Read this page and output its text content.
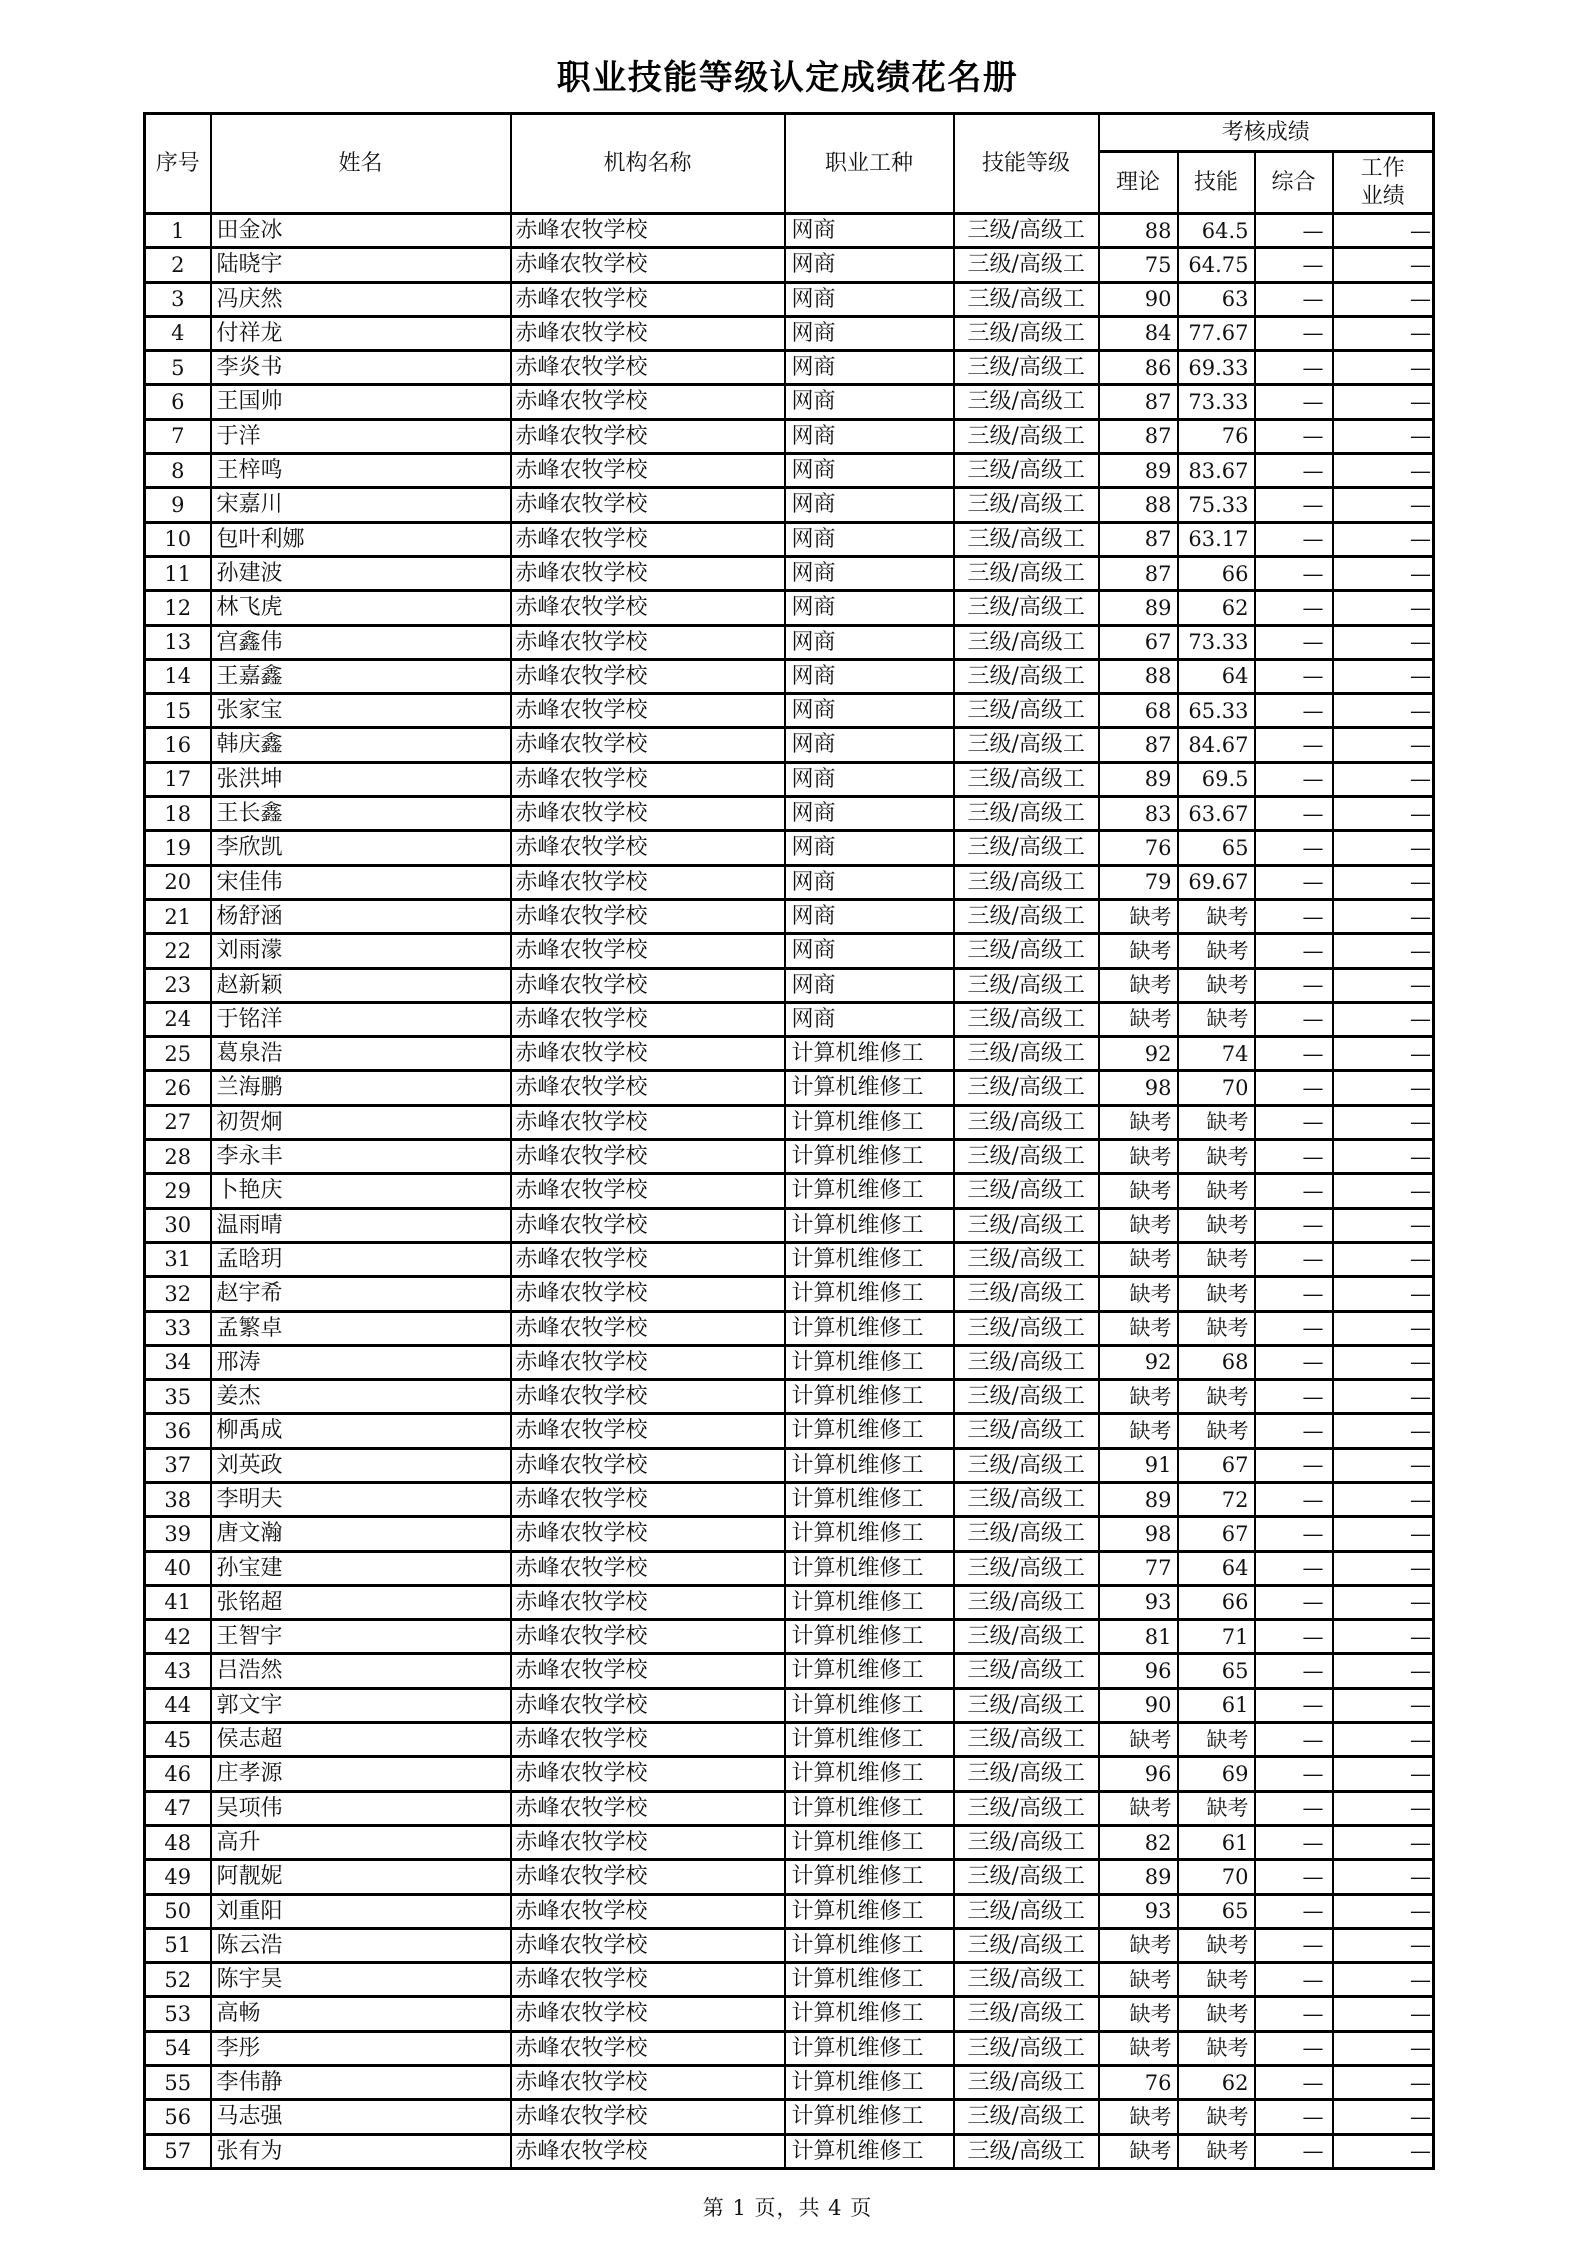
职业技能等级认定成绩花名册
序号	姓名	机构名称	职业工种	技能等级	考核成绩			
					理论	技能	综合	工作业绩
1	田金冰	赤峰农牧学校	网商	三级/高级工	88	64.5	—	—
2	陆晓宇	赤峰农牧学校	网商	三级/高级工	75	64.75	—	—
3	冯庆然	赤峰农牧学校	网商	三级/高级工	90	63	—	—
4	付祥龙	赤峰农牧学校	网商	三级/高级工	84	77.67	—	—
5	李炎书	赤峰农牧学校	网商	三级/高级工	86	69.33	—	—
6	王国帅	赤峰农牧学校	网商	三级/高级工	87	73.33	—	—
7	于洋	赤峰农牧学校	网商	三级/高级工	87	76	—	—
8	王梓鸣	赤峰农牧学校	网商	三级/高级工	89	83.67	—	—
9	宋嘉川	赤峰农牧学校	网商	三级/高级工	88	75.33	—	—
10	包叶利娜	赤峰农牧学校	网商	三级/高级工	87	63.17	—	—
11	孙建波	赤峰农牧学校	网商	三级/高级工	87	66	—	—
12	林飞虎	赤峰农牧学校	网商	三级/高级工	89	62	—	—
13	宫鑫伟	赤峰农牧学校	网商	三级/高级工	67	73.33	—	—
14	王嘉鑫	赤峰农牧学校	网商	三级/高级工	88	64	—	—
15	张家宝	赤峰农牧学校	网商	三级/高级工	68	65.33	—	—
16	韩庆鑫	赤峰农牧学校	网商	三级/高级工	87	84.67	—	—
17	张洪坤	赤峰农牧学校	网商	三级/高级工	89	69.5	—	—
18	王长鑫	赤峰农牧学校	网商	三级/高级工	83	63.67	—	—
19	李欣凯	赤峰农牧学校	网商	三级/高级工	76	65	—	—
20	宋佳伟	赤峰农牧学校	网商	三级/高级工	79	69.67	—	—
21	杨舒涵	赤峰农牧学校	网商	三级/高级工	缺考	缺考	—	—
22	刘雨濛	赤峰农牧学校	网商	三级/高级工	缺考	缺考	—	—
23	赵新颖	赤峰农牧学校	网商	三级/高级工	缺考	缺考	—	—
24	于铭洋	赤峰农牧学校	网商	三级/高级工	缺考	缺考	—	—
25	葛泉浩	赤峰农牧学校	计算机维修工	三级/高级工	92	74	—	—
26	兰海鹏	赤峰农牧学校	计算机维修工	三级/高级工	98	70	—	—
27	初贺炯	赤峰农牧学校	计算机维修工	三级/高级工	缺考	缺考	—	—
28	李永丰	赤峰农牧学校	计算机维修工	三级/高级工	缺考	缺考	—	—
29	卜艳庆	赤峰农牧学校	计算机维修工	三级/高级工	缺考	缺考	—	—
30	温雨晴	赤峰农牧学校	计算机维修工	三级/高级工	缺考	缺考	—	—
31	孟晗玥	赤峰农牧学校	计算机维修工	三级/高级工	缺考	缺考	—	—
32	赵宇希	赤峰农牧学校	计算机维修工	三级/高级工	缺考	缺考	—	—
33	孟繁卓	赤峰农牧学校	计算机维修工	三级/高级工	缺考	缺考	—	—
34	邢涛	赤峰农牧学校	计算机维修工	三级/高级工	92	68	—	—
35	姜杰	赤峰农牧学校	计算机维修工	三级/高级工	缺考	缺考	—	—
36	柳禹成	赤峰农牧学校	计算机维修工	三级/高级工	缺考	缺考	—	—
37	刘英政	赤峰农牧学校	计算机维修工	三级/高级工	91	67	—	—
38	李明夫	赤峰农牧学校	计算机维修工	三级/高级工	89	72	—	—
39	唐文瀚	赤峰农牧学校	计算机维修工	三级/高级工	98	67	—	—
40	孙宝建	赤峰农牧学校	计算机维修工	三级/高级工	77	64	—	—
41	张铭超	赤峰农牧学校	计算机维修工	三级/高级工	93	66	—	—
42	王智宇	赤峰农牧学校	计算机维修工	三级/高级工	81	71	—	—
43	吕浩然	赤峰农牧学校	计算机维修工	三级/高级工	96	65	—	—
44	郭文宇	赤峰农牧学校	计算机维修工	三级/高级工	90	61	—	—
45	侯志超	赤峰农牧学校	计算机维修工	三级/高级工	缺考	缺考	—	—
46	庄孝源	赤峰农牧学校	计算机维修工	三级/高级工	96	69	—	—
47	吴项伟	赤峰农牧学校	计算机维修工	三级/高级工	缺考	缺考	—	—
48	高升	赤峰农牧学校	计算机维修工	三级/高级工	82	61	—	—
49	阿靓妮	赤峰农牧学校	计算机维修工	三级/高级工	89	70	—	—
50	刘重阳	赤峰农牧学校	计算机维修工	三级/高级工	93	65	—	—
51	陈云浩	赤峰农牧学校	计算机维修工	三级/高级工	缺考	缺考	—	—
52	陈宇昊	赤峰农牧学校	计算机维修工	三级/高级工	缺考	缺考	—	—
53	高畅	赤峰农牧学校	计算机维修工	三级/高级工	缺考	缺考	—	—
54	李彤	赤峰农牧学校	计算机维修工	三级/高级工	缺考	缺考	—	—
55	李伟静	赤峰农牧学校	计算机维修工	三级/高级工	76	62	—	—
56	马志强	赤峰农牧学校	计算机维修工	三级/高级工	缺考	缺考	—	—
57	张有为	赤峰农牧学校	计算机维修工	三级/高级工	缺考	缺考	—	—
第 1 页，共 4 页
